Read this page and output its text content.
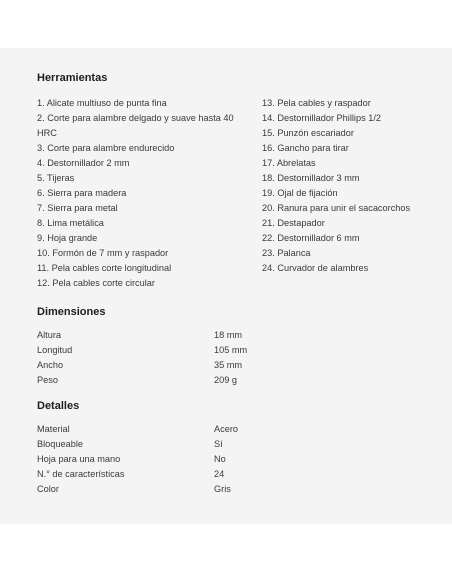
Herramientas
1. Alicate multiuso de punta fina
2. Corte para alambre delgado y suave hasta 40 HRC
3. Corte para alambre endurecido
4. Destornillador 2 mm
5. Tijeras
6. Sierra para madera
7. Sierra para metal
8. Lima metálica
9. Hoja grande
10. Formón de 7 mm y raspador
11. Pela cables corte longitudinal
12. Pela cables corte circular
13. Pela cables y raspador
14. Destornillador Phillips 1/2
15. Punzón escariador
16. Gancho para tirar
17. Abrelatas
18. Destornillador 3 mm
19. Ojal de fijación
20. Ranura para unir el sacacorchos
21. Destapador
22. Destornillador 6 mm
23. Palanca
24. Curvador de alambres
Dimensiones
Altura	18 mm
Longitud	105 mm
Ancho	35 mm
Peso	209 g
Detalles
Material	Acero
Bloqueable	Sí
Hoja para una mano	No
N.° de características	24
Color	Gris
